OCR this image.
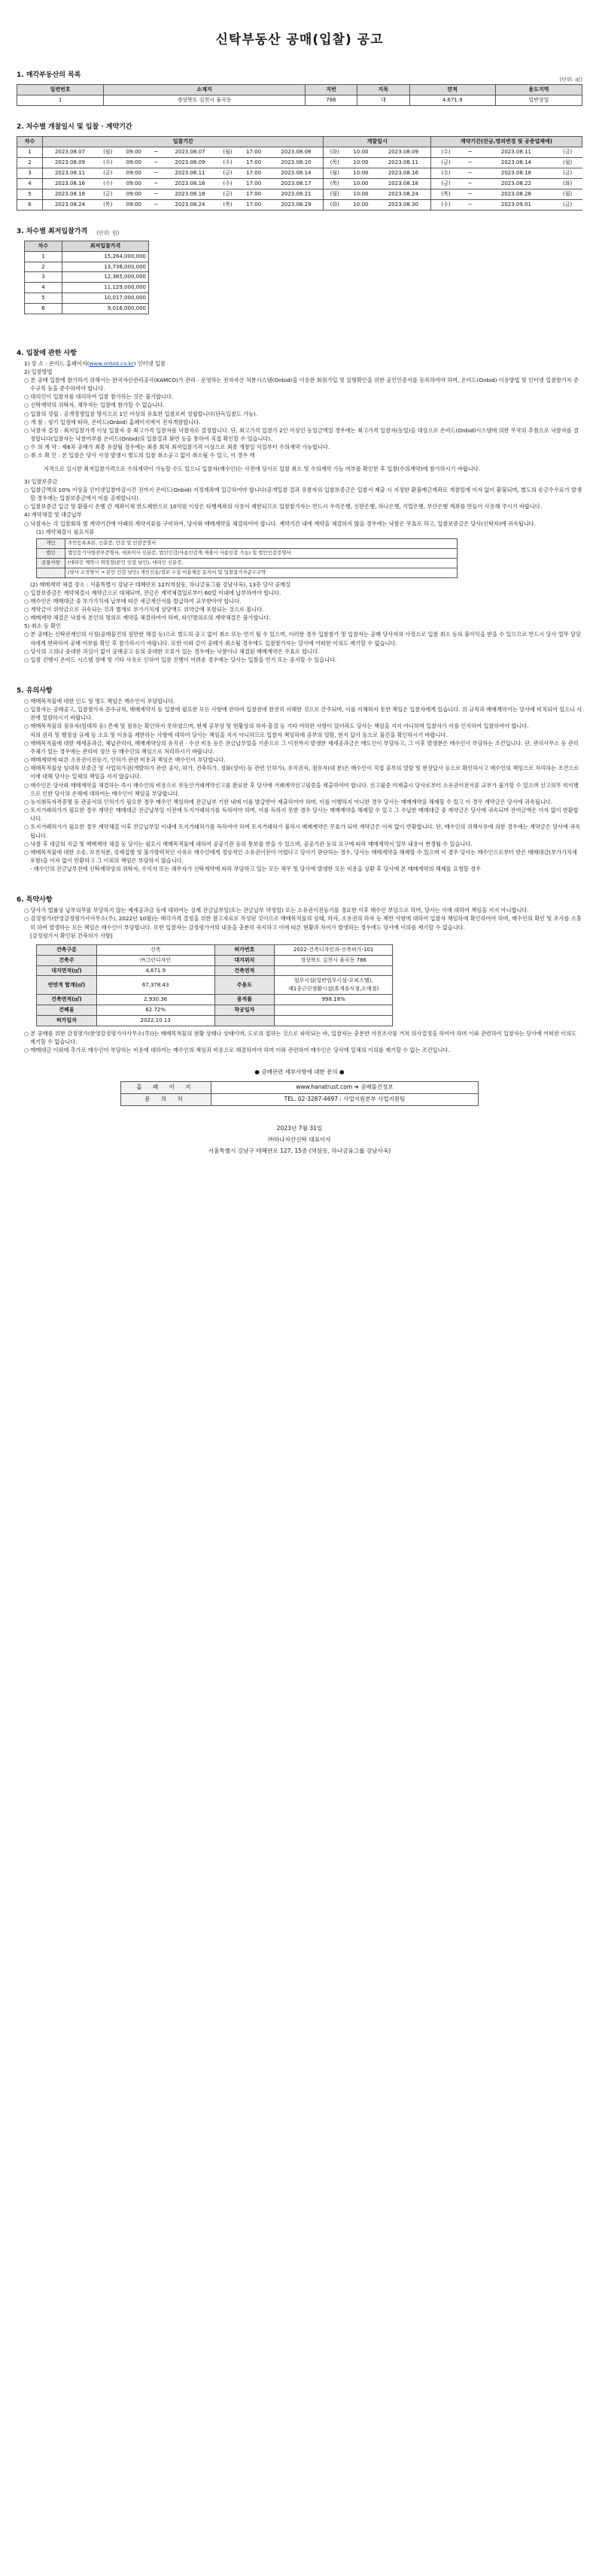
신탁부동산 공매(입찰) 공고
1. 매각부동산의 목록
(단위: ㎡)
일련번호	소재지	지번	지목	면적	용도지역
1	경상북도 김천시 율곡동	786	대	4,671.9	일반상업
2. 차수별 개찰일시 및 입찰 · 계약기간
차수	입찰기간								개찰일시			계약기간(잔금,명의변경 및 공증업체예)			
1	2023.08.07	(월)	09:00	~	2023.08.07	(월)	17:00	2023.08.08	(화)	10:00	2023.08.09	(수)	~	2023.08.11	(금)
2	2023.08.09	(수)	09:00	~	2023.08.09	(수)	17:00	2023.08.10	(목)	10:00	2023.08.11	(금)	~	2023.08.14	(월)
3	2023.08.11	(금)	09:00	~	2023.08.11	(금)	17:00	2023.08.14	(월)	10:00	2023.08.16	(수)	~	2023.08.18	(금)
4	2023.08.16	(수)	09:00	~	2023.08.16	(수)	17:00	2023.08.17	(목)	10:00	2023.08.18	(금)	~	2023.08.22	(화)
5	2023.08.18	(금)	09:00	~	2023.08.18	(금)	17:00	2023.08.21	(월)	10:00	2023.08.24	(목)	~	2023.08.28	(월)
6	2023.08.24	(목)	09:00	~	2023.08.24	(목)	17:00	2023.08.29	(화)	10:00	2023.08.30	(수)	~	2023.09.01	(금)
3. 차수별 최저입찰가격 (단위: 원)
차수	최저입찰가격
1	15,264,000,000
2	13,738,000,000
3	12,365,000,000
4	11,129,000,000
5	10,017,000,000
6	9,016,000,000
4. 입찰에 관한 사항
1) 장 소 : 온비드 홈페이지(www.onbid.co.kr) 인터넷 입찰
2) 입찰방법
○ 본 공매 입찰에 참가하기 위해서는 한국자산관리공사(KAMCO)가 관리 · 운영하는 전자자산 처분시스템(Onbid)을 이용한 회원가입 및 실명확인을 위한 공인인증서를 등록하여야 하며, 온비드(Onbid) 이용방법 및 인터넷 입찰참가자 준수규칙 등을 준수하여야 합니다.
○ 대리인이 입찰자를 대리하여 입찰 참가하는 것은 불가합니다.
○ 신탁계약의 위탁자, 채무자는 입찰에 참가할 수 없습니다.
○ 입찰의 성립 : 공개경쟁입찰 방식으로 1인 이상의 유효한 입찰로써 성립합니다(단독입찰도 가능).
○ 개 찰 : 상기 일정에 따라, 온비드(Onbid) 홈페이지에서 전자개찰합니다.
○ 낙찰자 결정 : 최저입찰가격 이상 입찰자 중 최고가격 입찰자를 낙찰자로 결정합니다. 단, 최고가격 입찰가 2인 이상인 동일금액일 경우에는 최고가격 입찰자(동일)을 대상으로 온비드(Onbid)시스템에 의한 무작위 추첨으로 낙찰자를 결정합니다(입찰자는 낙찰여부를 온비드(Onbid)의 입찰결과 화면 등을 통하여 직접 확인할 수 있습니다).
○ 수 의 계 약 : 제6차 공매가 최종 유찰될 경우에는 최종 회차 최저입찰가격 이상으로 최종 개찰일 익일부터 수의계약 가능합니다.
○ 취 소 확 인 : 본 입찰은 당사 사정 발생시 별도의 입찰 취소공고 없이 취소될 수 있고, 이 경우 매
지적으로 실시한 최저입찰가격으로 수의계약이 가능할 수도 있으니 입찰자(매수인)는 사전에 당사로 입찰 취소 및 수의계약 가능 여부를 확인한 후 입찰(수의계약)에 참가하시기 바랍니다.
3) 입찰보증금
○ 입찰금액의 10% 이상을 인터넷입찰마감시간 전까지 온비드(Onbid) 지정계좌에 입금하여야 합니다(공개입찰 결과 유찰자의 입찰보증금은 입찰서 제출 시 지정한 환불예금계좌로 개찰일에 이자 없이 환불되며, 별도의 송금수수료가 발생할 경우에는 입찰보증금에서 이를 공제합니다).
○ 입찰보증금 입금 및 환불시 온행 간 계좌이체 한도제한으로 10억원 이상은 타행계좌의 사용이 제한되므로 입찰참가자는 반드시 우리은행, 신한은행, 하나은행, 기업은행, 부산은행 계좌를 만들어 사용해 주시기 바랍니다.
4) 계약체결 및 대금납부
○ 낙찰자는 각 입찰회차 별 계약기간에 아래의 계약서류를 구비하여, 당사와 매매계약을 체결하여야 합니다. 계약기간 내에 계약을 체결하지 않을 경우에는 낙찰은 무효로 하고, 입찰보증금은 당사(신탁자)에 귀속됩니다.
(1) 계약체결시 필요서류
개인	주민등록초본, 신분증, 인감 및 인감증명서
법인	법인등기사항전부증명서, 대표이사 신분증, 법인인감/사용인감계 제출시 사용인감 가능) 및 법인인감증명서
공통사항	(대리인 계약시 위임장(본인 인감 날인), 대리인 신분증,
	(당사 소정양식 → 본인 인감 날인) 개인신용/정보 수집·이용제공 동의서 및 입찰참가자준수규약
(2) 매매계약 체결 장소 : 서울특별시 강남구 테헤란로 127(역삼동, 하나금융그룹 강남사옥), 13층 당사 공매실
○ 입찰보증금은 계약체결시 계약금으로 대체되며, 잔금은 계약체결일로부터 60일 이내에 납부하여야 합니다.
○ 매수인은 매매대금 중 부가가치세 납부에 따른 세금계산서를 발급하여 교부받아야 합니다.
○ 계약금이 위약금으로 귀속되는 것과 별개로 부가가치세 상당액도 위약금에 포함되는 것으로 봅니다.
○ 매매계약 체결은 낙찰자 본인의 명의로 계약을 체결하여야 하며, 타인명의로의 계약체결은 불가합니다.
5) 취소 등 확인
○ 본 공매는 신탁관계인의 사정(공매물건의 원만한 해결 등)으로 별도의 공고 없이 취소 또는 연기 될 수 있으며, 이러한 경우 입찰참가 및 입찰자는 공매 당사자의 사정으로 입찰 취소 등의 불이익을 받을 수 있으므로 반드시 당사 업무 담당자에게 연락하여 공매 여부를 확인 후 참가하시기 바랍니다. 또한 이와 같이 공매가 취소될 경우에도 입찰참가자는 당사에 어떠한 이의도 제기할 수 없습니다.
○ 당사의 고의나 중대한 과실이 없이 공매공고 등의 중대한 오류가 있는 경우에는 낙찰이나 체결된 매매계약은 무효로 합니다.
○ 입찰 진행시 온비드 시스템 장애 및 기타 사유로 인하여 입찰 진행이 어려운 경우에는 당사는 입찰을 연기 또는 중지할 수 있습니다.
5. 유의사항
○ 매매목적물에 대한 인도 및 명도 책임은 매수인이 부담합니다.
○ 입찰자는 공매공고, 입찰참가자 준수규칙, 매매계약서 등 입찰에 필요한 모든 사항에 관하여 입찰전에 완전히 이해한 것으로 간주되며, 이를 이해하지 못한 책임은 입찰자에게 있습니다. 위 규칙과 매매계약서는 당사에 비치되어 있으니 사전에 열람하시기 바랍니다.
○ 매매목적물의 점유자(임대차 등) 존재 및 점유는 확인하지 못하였으며, 현재 공부상 및 현황상의 하자·흠결 등 기타 여하한 사항이 있더라도 당사는 책임을 지지 아니하며 입찰자가 이를 인지하여 입찰하여야 합니다.
자의 권리 및 행정상 규제 등 소요 및 이용을 제한하는 사항에 대하여 당사는 책임을 지지 아니하므로 입찰자 책임하에 공부의 열람, 현지 답사 등으로 물건을 확인하시기 바랍니다.
○ 매매목적물에 대한 제세공과금, 체납관리비, 매매계약상의 유치권 · 수선 비용 등은 잔금납부일을 기준으로 그 이전까지 발생한 제세공과금은 매도인이 부담하고, 그 이후 발생분은 매수인이 부담하는 조건입니다. 단, 관리사무소 등 관리주체가 있는 경우에는 관리비 정산 등 매수인의 책임으로 처리하시기 바랍니다.
○ 매매계약에 따른 소유권이전등기, 인허가 관련 비용과 책임은 매수인이 부담합니다.
○ 매매목적물상 임대차 보증금 및 사업허가권(개발허가 관련 공사, 허가, 건축허가, 정화(정비) 등 관련 인허가), 유치권자, 점유자(대 분)은 매수인이 직접 공부의 열람 및 현장답사 등으로 확인하시고 매수인의 책임으로 처리하는 조건으로 이에 대해 당사는 일체의 책임을 지지 않습니다.
○ 매수인은 당사와 매매계약을 체결하는 즉시 매수인의 비용으로 부동산거래계약신고를 완료한 후 당사에 거래계약신고필증을 제출하여야 합니다. 신고필증 미제출시 당사로부터 소유권이전서류 교부가 불가할 수 있으며 신고의무 미이행으로 인한 당사의 손해에 대하여는 매수인이 책임을 부담합니다.
○ 농지취득자격증명 등 관공서의 인허가가 필요한 경우 매수인 책임하에 잔금납부 기한 내에 이를 발급받아 제출하여야 하며, 이를 이행하지 아니한 경우 당사는 매매계약을 해제할 수 있고 이 경우 계약금은 당사에 귀속됩니다.
○ 토지거래허가가 필요한 경우 계약은 매매대금 잔금납부일 이전에 토지거래허가를 득하여야 하며, 이를 득하지 못한 경우 당사는 매매계약을 해제할 수 있고 그 수납한 매매대금 중 계약금은 당사에 귀속되며 잔여금액은 이자 없이 반환합니다.
○ 토지거래허가가 필요한 경우 계약체결 이후 잔금납부일 이내에 토지거래허가를 득하여야 하며 토지거래허가 불허시 매매계약은 무효가 되며 계약금은 이자 없이 반환합니다. 단, 매수인의 귀책사유에 의한 경우에는 계약금은 당사에 귀속됩니다.
○ 낙찰 후 대금의 지급 및 매매계약 체결 등 당사는 필요시 매매목적물에 대하여 공공기관 등의 통보를 받을 수 있으며, 공공기관 등의 요구에 따라 매매계약서 일부 내용이 변경될 수 있습니다.
○ 매매목적물에 대한 소송, 보전처분, 강제집행 및 불가항력적인 사유로 매수인에게 정상적인 소유권이전이 어렵다고 당사가 판단하는 경우, 당사는 매매계약을 해제할 수 있으며 이 경우 당사는 매수인으로부터 받은 매매대금(부가가치세 포함)을 이자 없이 반환하고 그 이외의 책임은 부담하지 않습니다.
- 매수인의 잔금납부전에 신탁계약상의 위탁자, 수익자 또는 채무자가 신탁계약에 따라 부담하고 있는 모든 채무 및 당사에 발생한 모든 비용을 상환 후 당사에 본 매매계약의 해제를 요청할 경우
6. 특약사항
○ 당사가 법률상 납부의무를 부담하지 않는 제세공과금 등에 대하여는 실제 잔금납부일(또는 잔금납부 약정일) 또는 소유권이전등기를 경료한 이후 매수인 부담으로 하며, 당사는 이에 대하여 책임을 지지 아니합니다.
○ 감정평가(한영감정평가사사무소(주), 2022년 10월)는 매각가격 결정을 위한 참고자료로 작성된 것이므로 매매목적물의 상태, 하자, 소유권의 하자 등 제반 사항에 대하여 입찰자 책임하에 확인하여야 하며, 매수인의 확인 및 조사를 소홀히 하여 발생하는 모든 책임은 매수인이 부담합니다. 또한 입찰자는 감정평가서의 내용을 충분히 숙지하고 이에 따른 현황과 차이가 발생하는 경우에도 당사에 이의를 제기할 수 없습니다.
[감정평가서 확인된 건축허가 사항]
건축구분	신축	허가번호	2022-건축디자인과-신축허가-101
건축주	㈜그린디자인	대지위치	경상북도 김천시 율곡동 786
대지면적(㎡)	4,671.9	건축면적	
연면적 합계(㎡)	67,378.43	주용도	업무시설(일반업무시설-오피스텔),
제1종근린생활시설(휴게음식점,소매점)
건축면적(㎡)	2,930.36	용적률	998.18%
건폐율	62.72%	착공일자	
허가일자	2022.10.13		
○ 본 공매를 위한 감정평가(한영감정평가사사무소(주))는 매매목적물의 현황 상태나 상태이며, 도로의 접하는 것으로 파악되는 바, 입찰자는 충분한 사전조사를 거쳐 의사결정을 하여야 하며 이와 관련하여 입찰자는 당사에 어떠한 이의도 제기할 수 없습니다.
○ 매매대금 이외에 추가로 매수인이 부담하는 비용에 대하여는 매수인의 책임과 비용으로 해결하여야 하며 이와 관련하여 매수인은 당사에 일체의 이의를 제기할 수 없는 조건입니다.
● 공매관련 세부사항에 대한 문의 ●
홈 페 이 지	www.hanatrust.com ➜ 공매물건정보
문 의 처	TEL. 02-3287-4697 : 사업지원본부 사업지원팀
2023년 7월 31일
㈜하나자산신탁 대표이사
서울특별시 강남구 테헤란로 127, 15층 (역삼동, 하나금융그룹 강남사옥)
